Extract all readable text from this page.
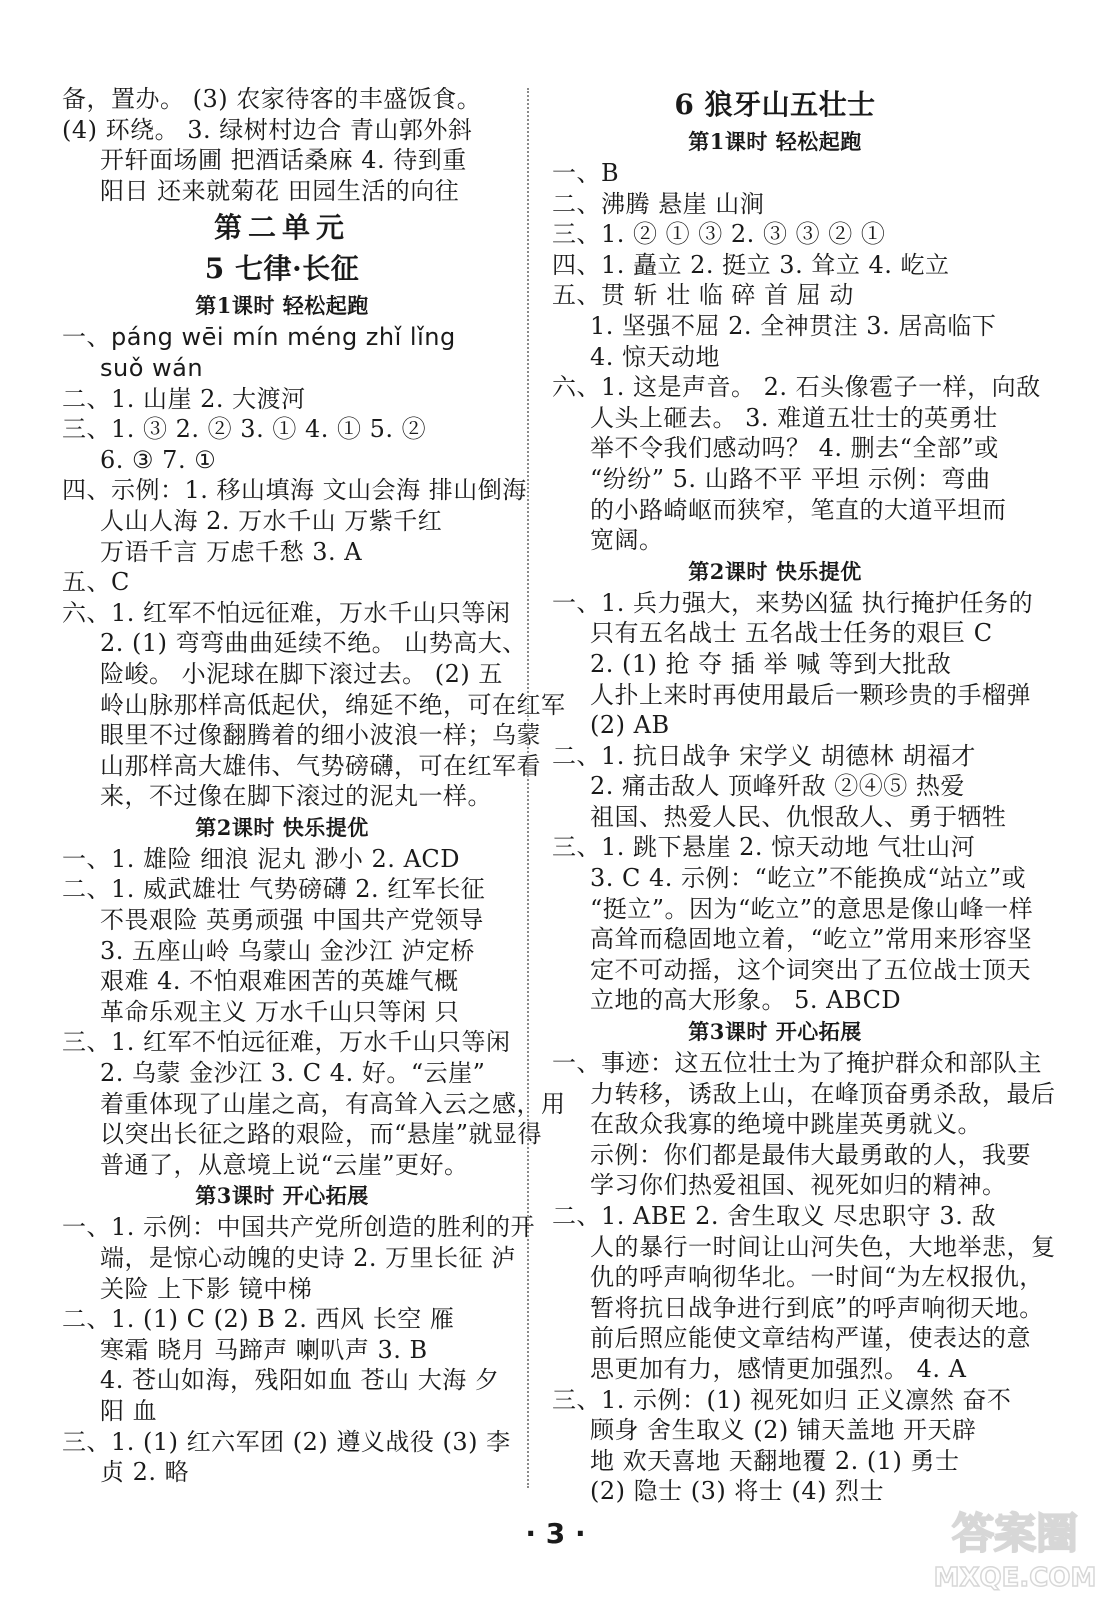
备，置办。 (3) 农家待客的丰盛饭食。
(4) 环绕。 3. 绿树村边合 青山郭外斜
开轩面场圃 把酒话桑麻 4. 待到重
阳日 还来就菊花 田园生活的向往
第二单元
5 七律·长征
第1课时 轻松起跑
一、páng wēi mín méng zhǐ lǐng
suǒ wán
二、1. 山崖 2. 大渡河
三、1. ③ 2. ② 3. ① 4. ① 5. ②
6. ③ 7. ①
四、示例：1. 移山填海 文山会海 排山倒海
人山人海 2. 万水千山 万紫千红
万语千言 万虑千愁 3. A
五、C
六、1. 红军不怕远征难，万水千山只等闲
2. (1) 弯弯曲曲延续不绝。 山势高大、
险峻。 小泥球在脚下滚过去。 (2) 五
岭山脉那样高低起伏，绵延不绝，可在红军
眼里不过像翻腾着的细小波浪一样；乌蒙
山那样高大雄伟、气势磅礴，可在红军看
来，不过像在脚下滚过的泥丸一样。
第2课时 快乐提优
一、1. 雄险 细浪 泥丸 渺小 2. ACD
二、1. 威武雄壮 气势磅礴 2. 红军长征
不畏艰险 英勇顽强 中国共产党领导
3. 五座山岭 乌蒙山 金沙江 泸定桥
艰难 4. 不怕艰难困苦的英雄气概
革命乐观主义 万水千山只等闲 只
三、1. 红军不怕远征难，万水千山只等闲
2. 乌蒙 金沙江 3. C 4. 好。“云崖”
着重体现了山崖之高，有高耸入云之感，用
以突出长征之路的艰险，而“悬崖”就显得
普通了，从意境上说“云崖”更好。
第3课时 开心拓展
一、1. 示例：中国共产党所创造的胜利的开
端，是惊心动魄的史诗 2. 万里长征 泸
关险 上下影 镜中梯
二、1. (1) C (2) B 2. 西风 长空 雁
寒霜 晓月 马蹄声 喇叭声 3. B
4. 苍山如海，残阳如血 苍山 大海 夕
阳 血
三、1. (1) 红六军团 (2) 遵义战役 (3) 李
贞 2. 略
6 狼牙山五壮士
第1课时 轻松起跑
一、B
二、沸腾 悬崖 山涧
三、1. ② ① ③ 2. ③ ③ ② ①
四、1. 矗立 2. 挺立 3. 耸立 4. 屹立
五、贯 斩 壮 临 碎 首 屈 动
1. 坚强不屈 2. 全神贯注 3. 居高临下
4. 惊天动地
六、1. 这是声音。 2. 石头像雹子一样，向敌
人头上砸去。 3. 难道五壮士的英勇壮
举不令我们感动吗？ 4. 删去“全部”或
“纷纷” 5. 山路不平 平坦 示例：弯曲
的小路崎岖而狭窄，笔直的大道平坦而
宽阔。
第2课时 快乐提优
一、1. 兵力强大，来势凶猛 执行掩护任务的
只有五名战士 五名战士任务的艰巨 C
2. (1) 抢 夺 插 举 喊 等到大批敌
人扑上来时再使用最后一颗珍贵的手榴弹
(2) AB
二、1. 抗日战争 宋学义 胡德林 胡福才
2. 痛击敌人 顶峰歼敌 ②④⑤ 热爱
祖国、热爱人民、仇恨敌人、勇于牺牲
三、1. 跳下悬崖 2. 惊天动地 气壮山河
3. C 4. 示例：“屹立”不能换成“站立”或
“挺立”。因为“屹立”的意思是像山峰一样
高耸而稳固地立着，“屹立”常用来形容坚
定不可动摇，这个词突出了五位战士顶天
立地的高大形象。 5. ABCD
第3课时 开心拓展
一、事迹：这五位壮士为了掩护群众和部队主
力转移，诱敌上山，在峰顶奋勇杀敌，最后
在敌众我寡的绝境中跳崖英勇就义。
示例：你们都是最伟大最勇敢的人，我要
学习你们热爱祖国、视死如归的精神。
二、1. ABE 2. 舍生取义 尽忠职守 3. 敌
人的暴行一时间让山河失色，大地举悲，复
仇的呼声响彻华北。一时间“为左权报仇，
暂将抗日战争进行到底”的呼声响彻天地。
前后照应能使文章结构严谨，使表达的意
思更加有力，感情更加强烈。 4. A
三、1. 示例：(1) 视死如归 正义凛然 奋不
顾身 舍生取义 (2) 铺天盖地 开天辟
地 欢天喜地 天翻地覆 2. (1) 勇士
(2) 隐士 (3) 将士 (4) 烈士
· 3 ·	答案圈
MXQE.COM
